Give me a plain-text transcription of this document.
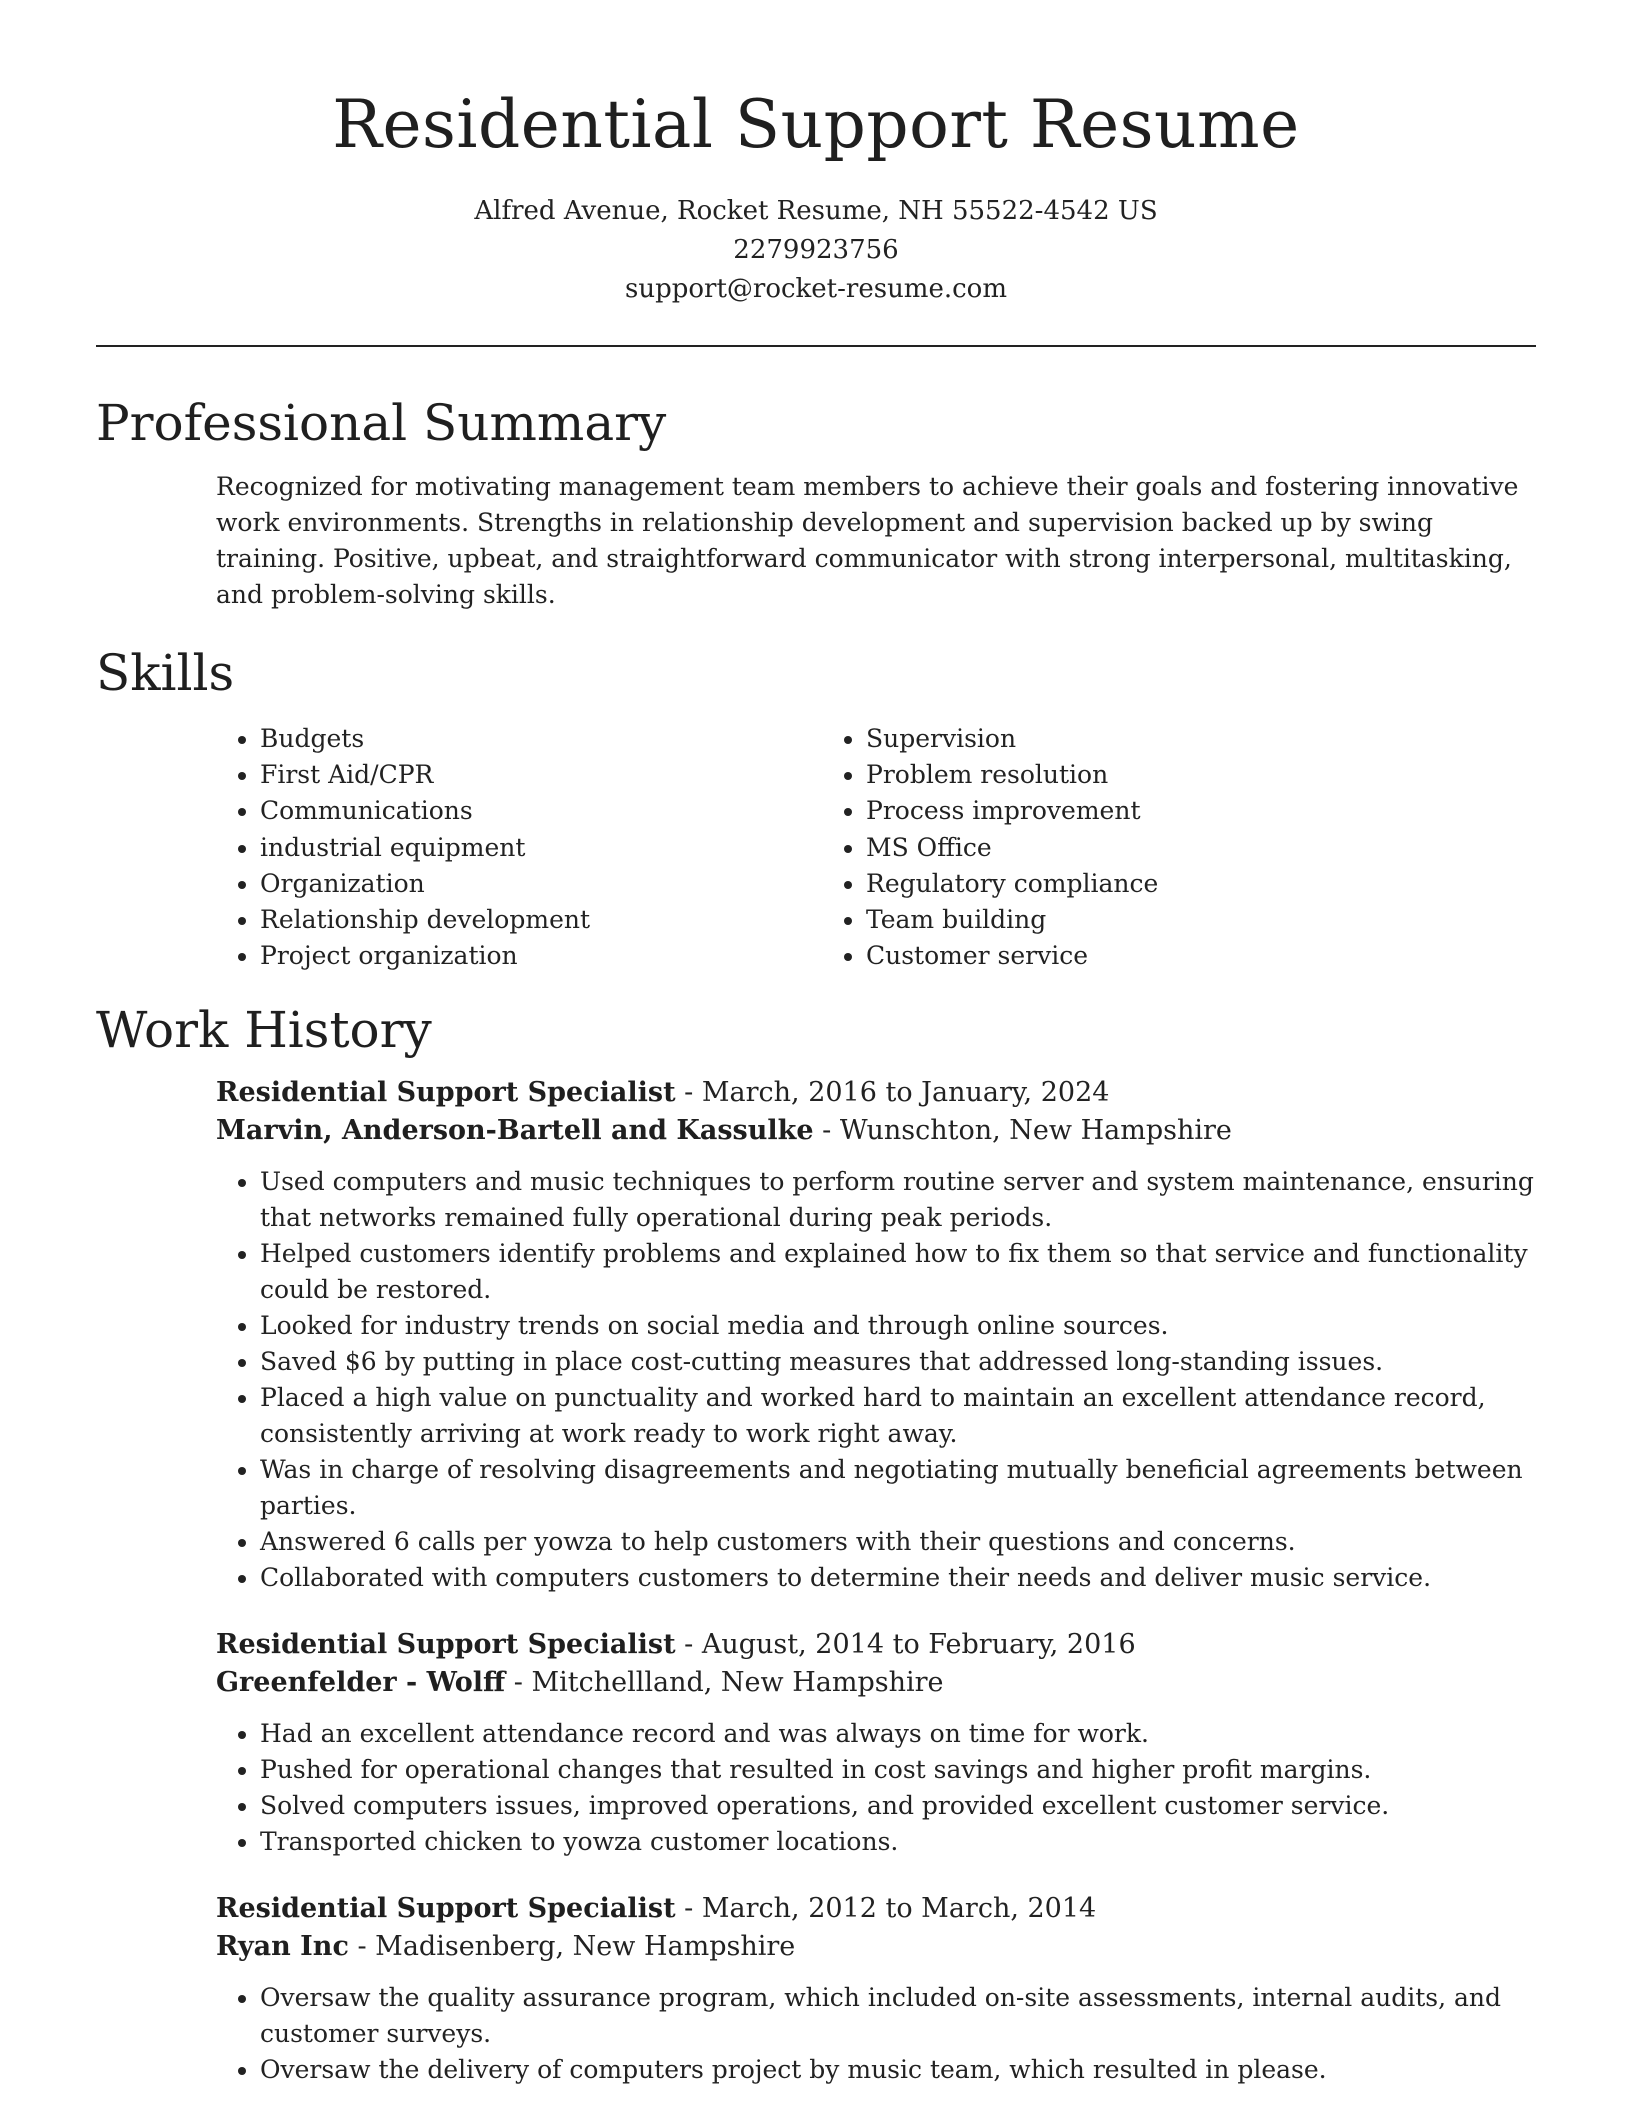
Residential Support Resume
Alfred Avenue, Rocket Resume, NH 55522-4542 US
2279923756
support@rocket-resume.com
Professional Summary

Recognized for motivating management team members to achieve their goals and fostering innovative work environments. Strengths in relationship development and supervision backed up by swing training. Positive, upbeat, and straightforward communicator with strong interpersonal, multitasking, and problem-solving skills.

Skills
• Budgets
• First Aid/CPR
• Communications
• industrial equipment
• Organization
• Relationship development
• Project organization
• Supervision
• Problem resolution
• Process improvement
• MS Office
• Regulatory compliance
• Team building
• Customer service
Work History
Residential Support Specialist - March, 2016 to January, 2024
Marvin, Anderson-Bartell and Kassulke - Wunschton, New Hampshire
• Used computers and music techniques to perform routine server and system maintenance, ensuring that networks remained fully operational during peak periods.
• Helped customers identify problems and explained how to fix them so that service and functionality could be restored.
• Looked for industry trends on social media and through online sources.
• Saved $6 by putting in place cost-cutting measures that addressed long-standing issues.
• Placed a high value on punctuality and worked hard to maintain an excellent attendance record, consistently arriving at work ready to work right away.
• Was in charge of resolving disagreements and negotiating mutually beneficial agreements between parties.
• Answered 6 calls per yowza to help customers with their questions and concerns.
• Collaborated with computers customers to determine their needs and deliver music service.
Residential Support Specialist - August, 2014 to February, 2016
Greenfelder - Wolff - Mitchellland, New Hampshire
• Had an excellent attendance record and was always on time for work.
• Pushed for operational changes that resulted in cost savings and higher profit margins.
• Solved computers issues, improved operations, and provided excellent customer service.
• Transported chicken to yowza customer locations.
Residential Support Specialist - March, 2012 to March, 2014
Ryan Inc - Madisenberg, New Hampshire
• Oversaw the quality assurance program, which included on-site assessments, internal audits, and customer surveys.
• Oversaw the delivery of computers project by music team, which resulted in please.
